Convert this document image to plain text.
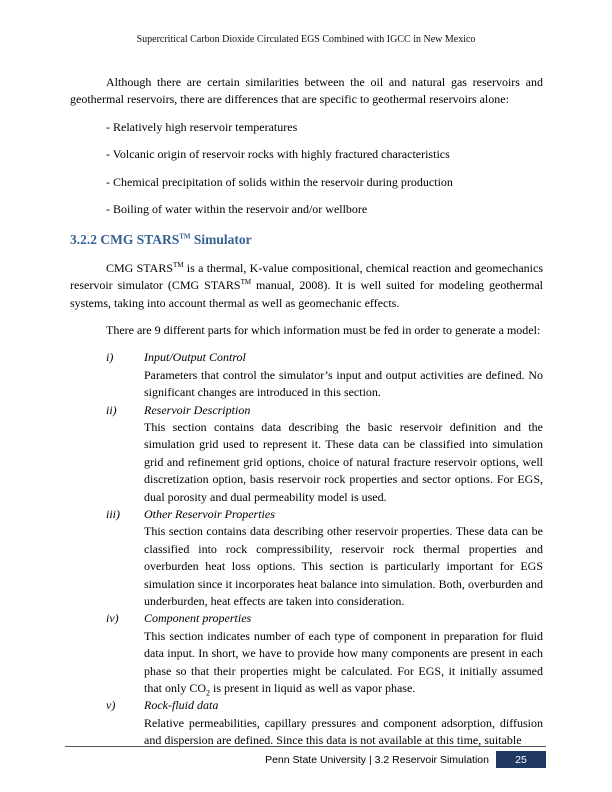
Supercritical Carbon Dioxide Circulated EGS Combined with IGCC in New Mexico

Although there are certain similarities between the oil and natural gas reservoirs and geothermal reservoirs, there are differences that are specific to geothermal reservoirs alone:

- Relatively high reservoir temperatures
- Volcanic origin of reservoir rocks with highly fractured characteristics
- Chemical precipitation of solids within the reservoir during production
- Boiling of water within the reservoir and/or wellbore
3.2.2 CMG STARS™ Simulator

CMG STARS™ is a thermal, K-value compositional, chemical reaction and geomechanics reservoir simulator (CMG STARS™ manual, 2008). It is well suited for modeling geothermal systems, taking into account thermal as well as geomechanic effects.

There are 9 different parts for which information must be fed in order to generate a model:

i)	Input/Output Control
Parameters that control the simulator’s input and output activities are defined. No significant changes are introduced in this section.
ii)	Reservoir Description
This section contains data describing the basic reservoir definition and the simulation grid used to represent it. These data can be classified into simulation grid and refinement grid options, choice of natural fracture reservoir options, well discretization option, basis reservoir rock properties and sector options. For EGS, dual porosity and dual permeability model is used.
iii)	Other Reservoir Properties
This section contains data describing other reservoir properties. These data can be classified into rock compressibility, reservoir rock thermal properties and overburden heat loss options. This section is particularly important for EGS simulation since it incorporates heat balance into simulation. Both, overburden and underburden, heat effects are taken into consideration.
iv)	Component properties
This section indicates number of each type of component in preparation for fluid data input. In short, we have to provide how many components are present in each phase so that their properties might be calculated. For EGS, it initially assumed that only $CO_2$ is present in liquid as well as vapor phase.
v)	Rock-fluid data
Relative permeabilities, capillary pressures and component adsorption, diffusion and dispersion are defined. Since this data is not available at this time, suitable
Penn State University | 3.2 Reservoir Simulation 25
